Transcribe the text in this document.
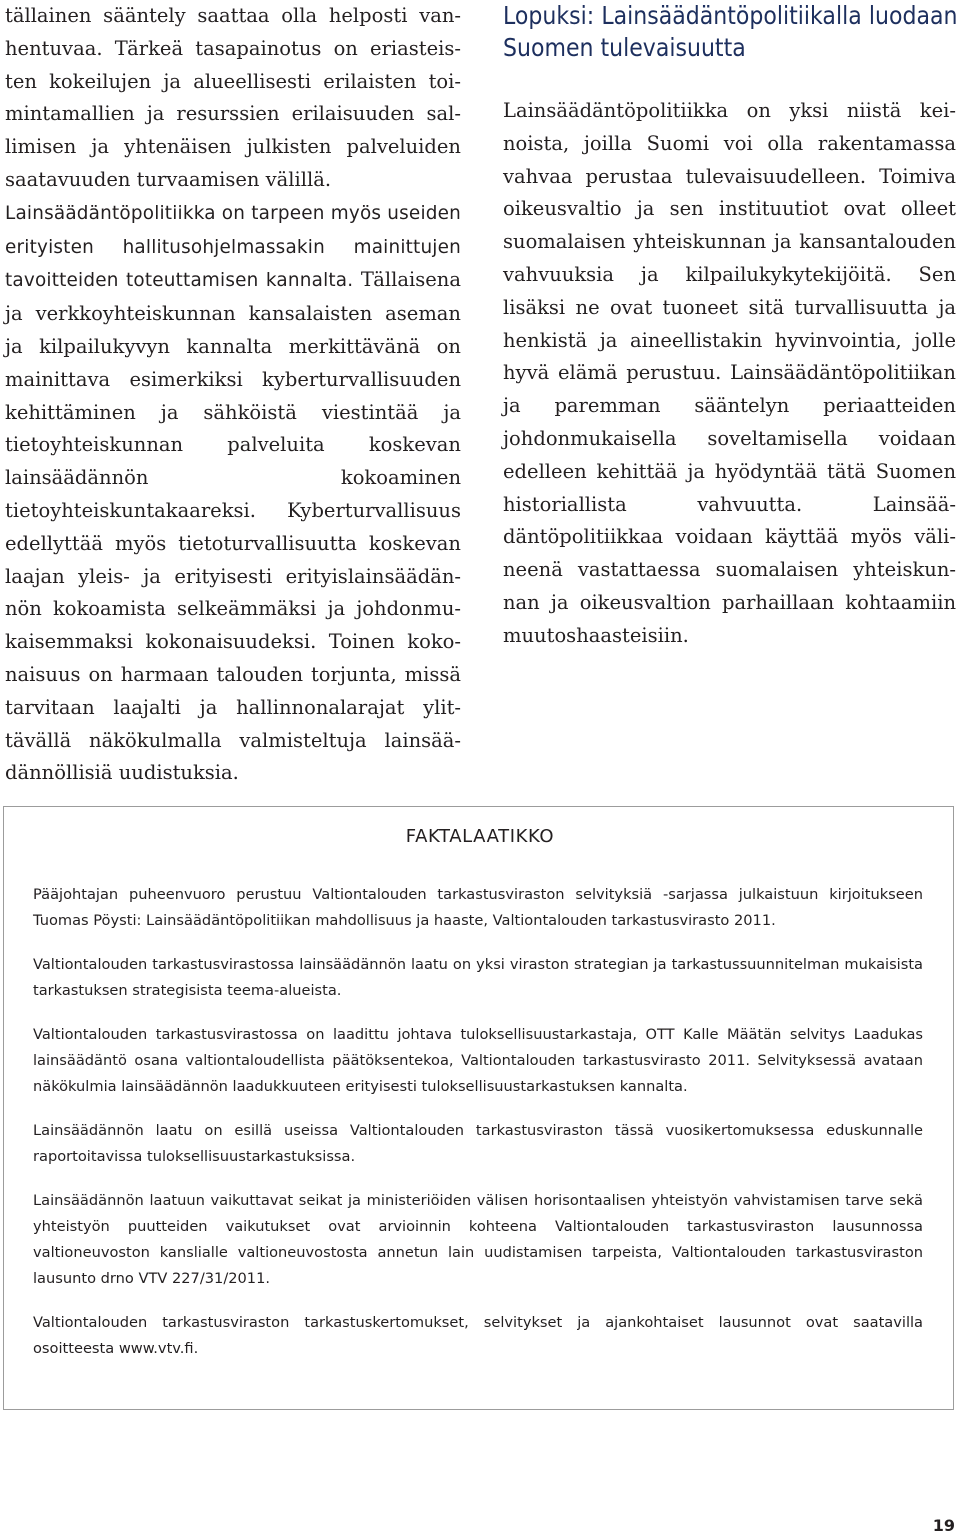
tällainen sääntely saattaa olla helposti vanhentuvaa. Tärkeä tasapainotus on eriasteisten kokeilujen ja alueellisesti erilaisten toimintamallien ja resurssien erilaisuuden sallimisen ja yhtenäisen julkisten palveluiden saatavuuden turvaamisen välillä.

Lainsäädäntöpolitiikka on tarpeen myös useiden erityisten hallitusohjelmassakin mainittujen tavoitteiden toteuttamisen kannalta. Tällaisena ja verkkoyhteiskunnan kansalaisten aseman ja kilpailukyvyn kannalta merkittävänä on mainittava esimerkiksi kyberturvallisuuden kehittäminen ja sähköistä viestintää ja tietoyhteiskunnan palveluita koskevan lainsäädännön kokoaminen tietoyhteiskuntakaareksi. Kyberturvallisuus edellyttää myös tietoturvallisuutta koskevan laajan yleis- ja erityisesti erityislainsäädännön kokoamista selkeämmäksi ja johdonmukaisemmaksi kokonaisuudeksi. Toinen kokonaisuus on harmaan talouden torjunta, missä tarvitaan laajalti ja hallinnonalarajat ylittävällä näkökulmalla valmisteltuja lainsäädännöllisiä uudistuksia.

Lopuksi: Lainsäädäntöpolitiikalla luodaan Suomen tulevaisuutta

Lainsäädäntöpolitiikka on yksi niistä keinoista, joilla Suomi voi olla rakentamassa vahvaa perustaa tulevaisuudelleen. Toimiva oikeusvaltio ja sen instituutiot ovat olleet suomalaisen yhteiskunnan ja kansantalouden vahvuuksia ja kilpailukykytekijöitä. Sen lisäksi ne ovat tuoneet sitä turvallisuutta ja henkistä ja aineellistakin hyvinvointia, jolle hyvä elämä perustuu. Lainsäädäntöpolitiikan ja paremman sääntelyn periaatteiden johdonmukaisella soveltamisella voidaan edelleen kehittää ja hyödyntää tätä Suomen historiallista vahvuutta. Lainsäädäntöpolitiikkaa voidaan käyttää myös välineenä vastattaessa suomalaisen yhteiskunnan ja oikeusvaltion parhaillaan kohtaamiin muutoshaasteisiin.

FAKTALAATIKKO

Pääjohtajan puheenvuoro perustuu Valtiontalouden tarkastusviraston selvityksiä -sarjassa julkaistuun kirjoitukseen Tuomas Pöysti: Lainsäädäntöpolitiikan mahdollisuus ja haaste, Valtiontalouden tarkastusvirasto 2011.

Valtiontalouden tarkastusvirastossa lainsäädännön laatu on yksi viraston strategian ja tarkastussuunnitelman mukaisista tarkastuksen strategisista teema-alueista.

Valtiontalouden tarkastusvirastossa on laadittu johtava tuloksellisuustarkastaja, OTT Kalle Määtän selvitys Laadukas lainsäädäntö osana valtiontaloudellista päätöksentekoa, Valtiontalouden tarkastusvirasto 2011. Selvityksessä avataan näkökulmia lainsäädännön laadukkuuteen erityisesti tuloksellisuustarkastuksen kannalta.

Lainsäädännön laatu on esillä useissa Valtiontalouden tarkastusviraston tässä vuosikertomuksessa eduskunnalle raportoitavissa tuloksellisuustarkastuksissa.

Lainsäädännön laatuun vaikuttavat seikat ja ministeriöiden välisen horisontaalisen yhteistyön vahvistamisen tarve sekä yhteistyön puutteiden vaikutukset ovat arvioinnin kohteena Valtiontalouden tarkastusviraston lausunnossa valtioneuvoston kanslialle valtioneuvostosta annetun lain uudistamisen tarpeista, Valtiontalouden tarkastusviraston lausunto drno VTV 227/31/2011.

Valtiontalouden tarkastusviraston tarkastuskertomukset, selvitykset ja ajankohtaiset lausunnot ovat saatavilla osoitteesta www.vtv.fi.

19
